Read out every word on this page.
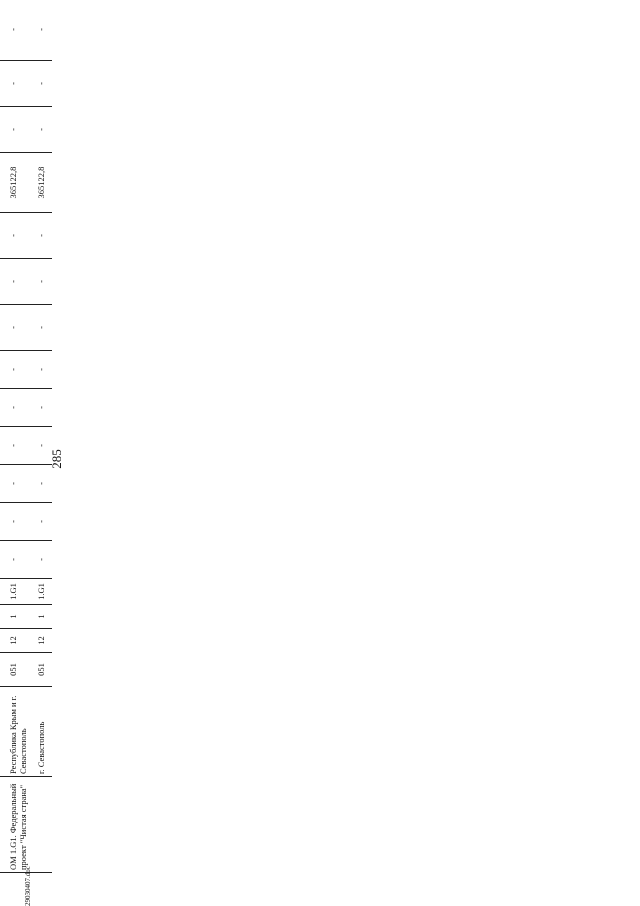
285

ОМ 1.G1. Федеральный проект "Чистая страна"	Республика Крым и г. Севастополь	051	12	1	1.G1	-	-	-	-	-	-	-	-	-	365122,8	-	-	-
	г. Севастополь	051	12	1	1.G1	-	-	-	-	-	-	-	-	-	365122,8	-	-	-
29030407.doc
